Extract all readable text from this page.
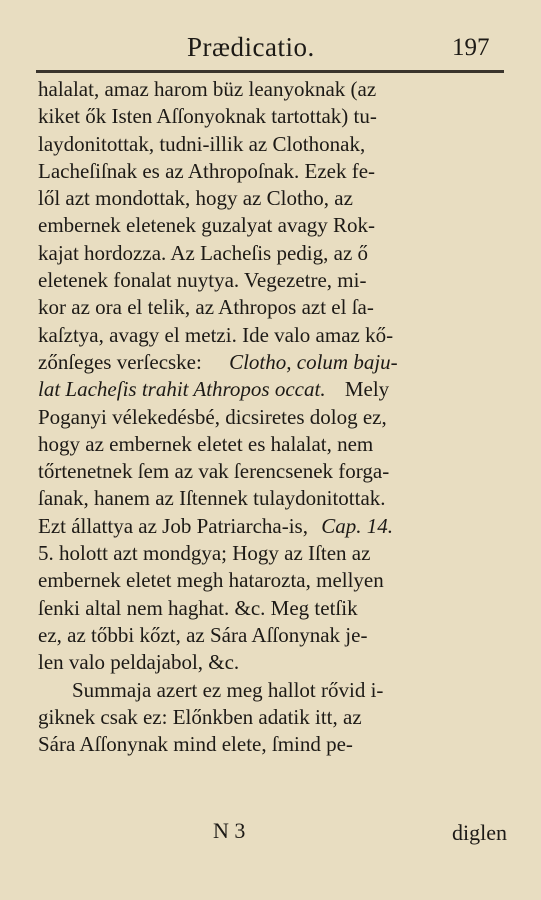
Prædicatio.	197
halalat, amaz harom büz leanyoknak (az
kiket ők Isten Aſſonyoknak tartottak) tu-
laydonitottak, tudni-illik az Clothonak,
Lacheſiſnak es az Athropoſnak. Ezek fe-
lől azt mondottak, hogy az Clotho, az
embernek eletenek guzalyat avagy Rok-
kajat hordozza. Az Lacheſis pedig, az ő
eletenek fonalat nuytya. Vegezetre, mi-
kor az ora el telik, az Athropos azt el ſa-
kaſztya, avagy el metzi. Ide valo amaz kő-
zőnſeges verſecske: Clotho, colum baju-
lat Lacheſis trahit Athropos occat. Mely
Poganyi vélekedésbé, dicsiretes dolog ez,
hogy az embernek eletet es halalat, nem
tőrtenetnek ſem az vak ſerencsenek forga-
ſanak, hanem az Iſtennek tulaydonitottak.
Ezt állattya az Job Patriarcha-is, Cap. 14.
5. holott azt mondgya; Hogy az Iſten az
embernek eletet megh hatarozta, mellyen
ſenki altal nem haghat. &c. Meg tetſik
ez, az tőbbi kőzt, az Sára Aſſonynak je-
len valo peldajabol, &c.
Summaja azert ez meg hallot rővid i-
giknek csak ez: Előnkben adatik itt, az
Sára Aſſonynak mind elete, ſmind pe-
N 3	diglen
